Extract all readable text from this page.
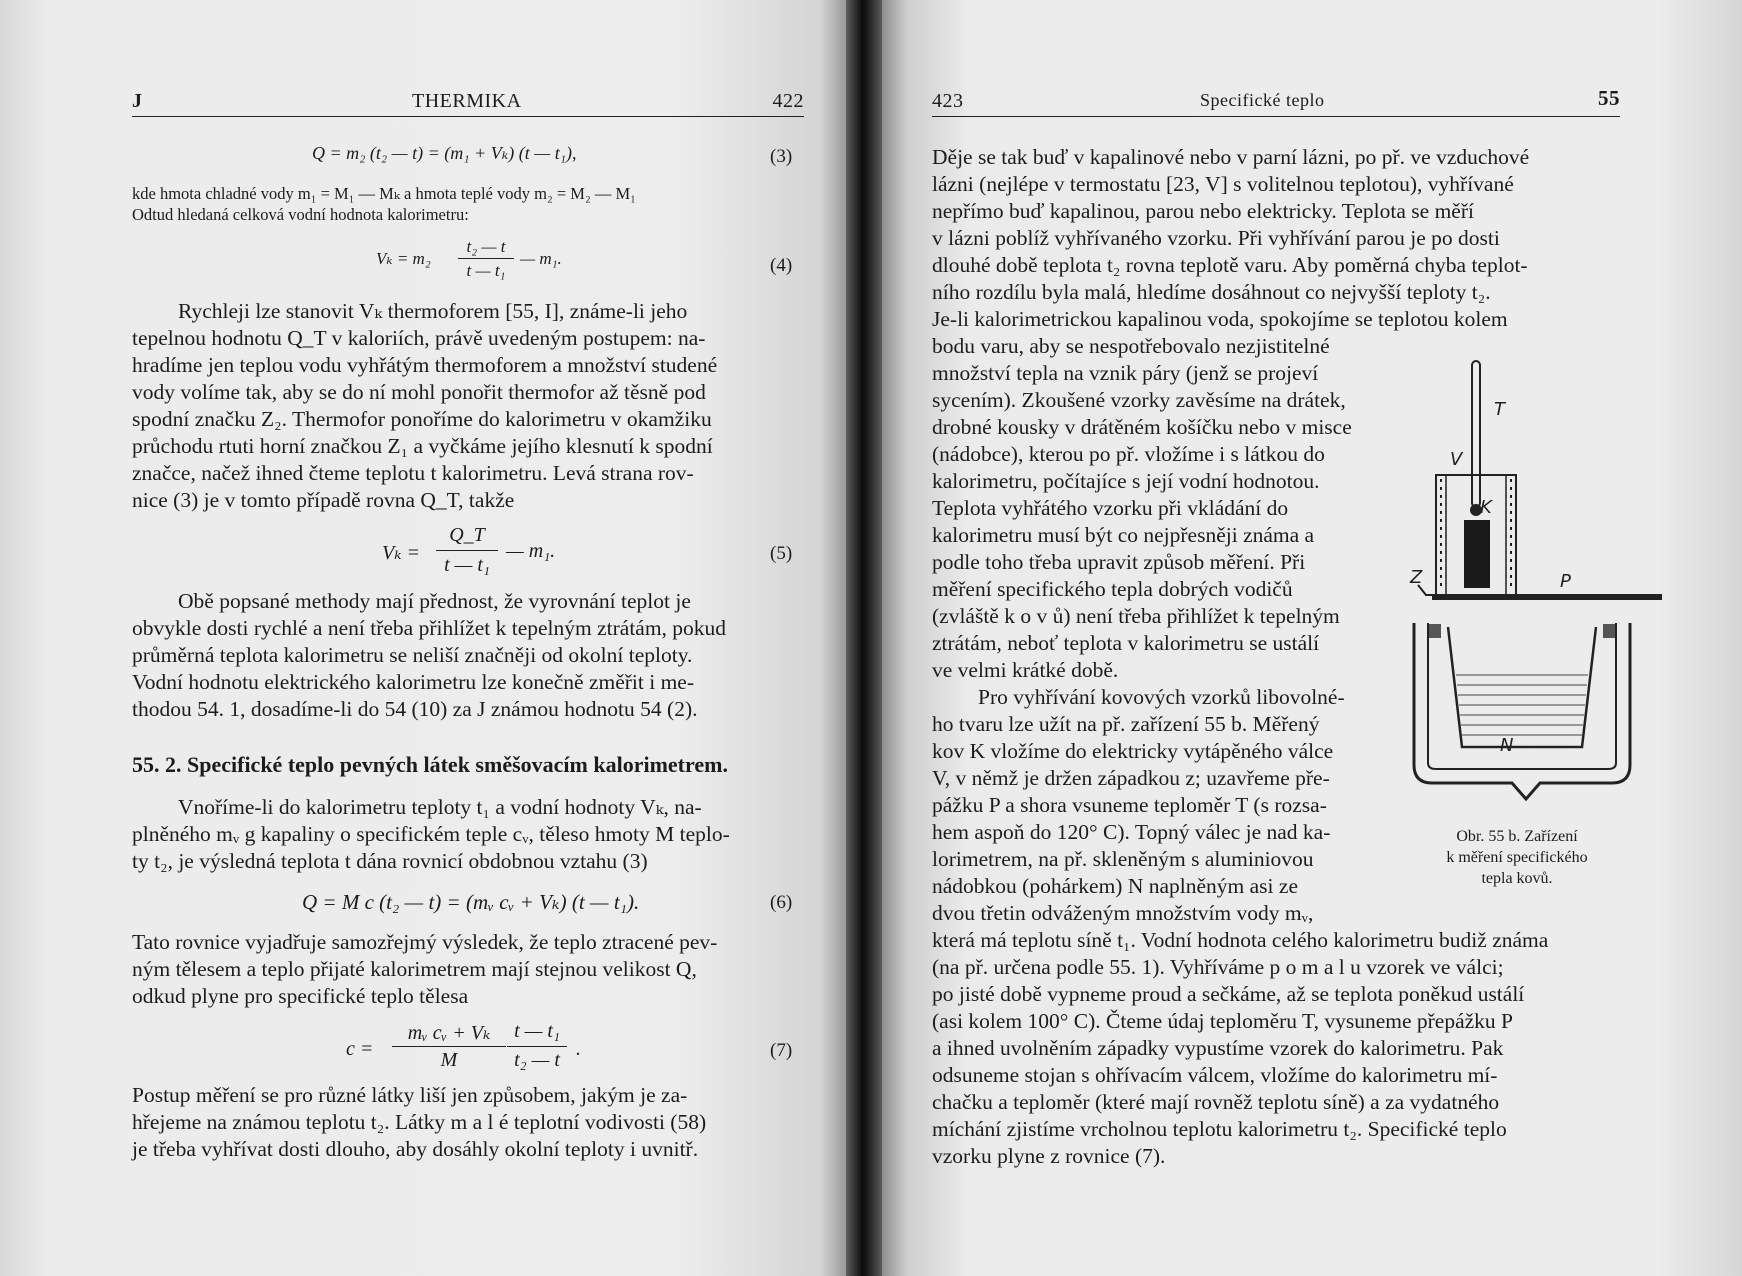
J	THERMIKA	422
Q = m₂ (t₂ — t) = (m₁ + Vₖ) (t — t₁),	(3)
kde hmota chladné vody m₁ = M₁ — Mₖ a hmota teplé vody m₂ = M₂ — M₁
Odtud hledaná celková vodní hodnota kalorimetru:
Vₖ = m₂
t₂ — t
t — t₁
— m₁.	(4)
Rychleji lze stanovit Vₖ thermoforem [55, I], známe-li jeho
tepelnou hodnotu Q_T v kaloriích, právě uvedeným postupem: na-
hradíme jen teplou vodu vyhřátým thermoforem a množství studené
vody volíme tak, aby se do ní mohl ponořit thermofor až těsně pod
spodní značku Z₂. Thermofor ponoříme do kalorimetru v okamžiku
průchodu rtuti horní značkou Z₁ a vyčkáme jejího klesnutí k spodní
značce, načež ihned čteme teplotu t kalorimetru. Levá strana rov-
nice (3) je v tomto případě rovna Q_T, takže
Vₖ =
Q_T
t — t₁
— m₁.	(5)
Obě popsané methody mají přednost, že vyrovnání teplot je
obvykle dosti rychlé a není třeba přihlížet k tepelným ztrátám, pokud
průměrná teplota kalorimetru se neliší značněji od okolní teploty.
Vodní hodnotu elektrického kalorimetru lze konečně změřit i me-
thodou 54. 1, dosadíme-li do 54 (10) za J známou hodnotu 54 (2).
55. 2. Specifické teplo pevných látek směšovacím kalorimetrem.
Vnoříme-li do kalorimetru teploty t₁ a vodní hodnoty Vₖ, na-
plněného mᵥ g kapaliny o specifickém teple cᵥ, těleso hmoty M teplo-
ty t₂, je výsledná teplota t dána rovnicí obdobnou vztahu (3)
Q = M c (t₂ — t) = (mᵥ cᵥ + Vₖ) (t — t₁).	(6)
Tato rovnice vyjadřuje samozřejmý výsledek, že teplo ztracené pev-
ným tělesem a teplo přijaté kalorimetrem mají stejnou velikost Q,
odkud plyne pro specifické teplo tělesa
c =
mᵥ cᵥ + Vₖ
M
t — t₁
t₂ — t .	(7)
Postup měření se pro různé látky liší jen způsobem, jakým je za-
hřejeme na známou teplotu t₂. Látky m a l é teplotní vodivosti (58)
je třeba vyhřívat dosti dlouho, aby dosáhly okolní teploty i uvnitř.
423	Specifické teplo	55
Děje se tak buď v kapalinové nebo v parní lázni, po př. ve vzduchové
lázni (nejlépe v termostatu [23, V] s volitelnou teplotou), vyhřívané
nepřímo buď kapalinou, parou nebo elektricky. Teplota se měří
v lázni poblíž vyhřívaného vzorku. Při vyhřívání parou je po dosti
dlouhé době teplota t₂ rovna teplotě varu. Aby poměrná chyba teplot-
ního rozdílu byla malá, hledíme dosáhnout co nejvyšší teploty t₂.
Je-li kalorimetrickou kapalinou voda, spokojíme se teplotou kolem
bodu varu, aby se nespotřebovalo nezjistitelné
množství tepla na vznik páry (jenž se projeví
sycením). Zkoušené vzorky zavěsíme na drátek,
drobné kousky v drátěném košíčku nebo v misce
(nádobce), kterou po př. vložíme i s látkou do
kalorimetru, počítajíce s její vodní hodnotou.
Teplota vyhřátého vzorku při vkládání do
kalorimetru musí být co nejpřesněji známa a
podle toho třeba upravit způsob měření. Při
měření specifického tepla dobrých vodičů
(zvláště k o v ů) není třeba přihlížet k tepelným
ztrátám, neboť teplota v kalorimetru se ustálí
ve velmi krátké době.
Pro vyhřívání kovových vzorků libovolné-
ho tvaru lze užít na př. zařízení 55 b. Měřený
kov K vložíme do elektricky vytápěného válce
V, v němž je držen západkou z; uzavřeme pře-
pážku P a shora vsuneme teploměr T (s rozsa-
hem aspoň do 120° C). Topný válec je nad ka-
lorimetrem, na př. skleněným s aluminiovou
nádobkou (pohárkem) N naplněným asi ze
dvou třetin odváženým množstvím vody mᵥ,
která má teplotu síně t₁. Vodní hodnota celého kalorimetru budiž známa
(na př. určena podle 55. 1). Vyhříváme p o m a l u vzorek ve válci;
po jisté době vypneme proud a sečkáme, až se teplota poněkud ustálí
(asi kolem 100° C). Čteme údaj teploměru T, vysuneme přepážku P
a ihned uvolněním západky vypustíme vzorek do kalorimetru. Pak
odsuneme stojan s ohřívacím válcem, vložíme do kalorimetru mí-
chačku a teploměr (které mají rovněž teplotu síně) a za vydatného
míchání zjistíme vrcholnou teplotu kalorimetru t₂. Specifické teplo
vzorku plyne z rovnice (7).
T
V
K
Z	P
N
Obr. 55 b. Zařízení
k měření specifického
tepla kovů.
